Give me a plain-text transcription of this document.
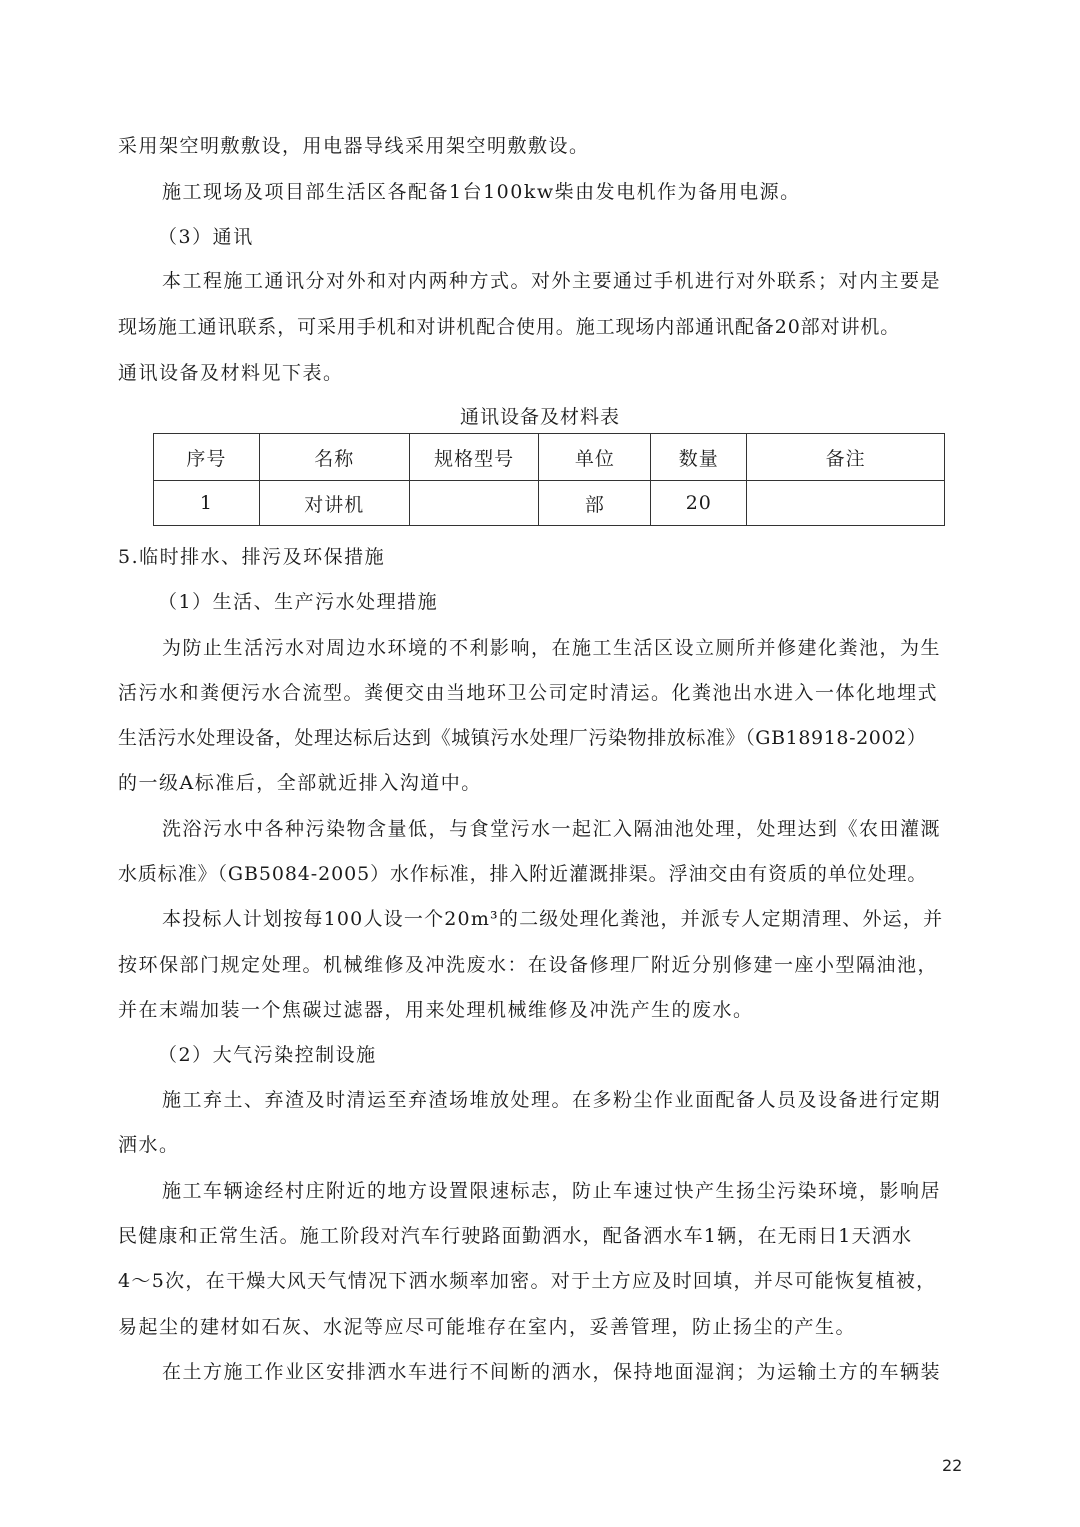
采用架空明敷敷设，用电器导线采用架空明敷敷设。
施工现场及项目部生活区各配备1台100kw柴由发电机作为备用电源。
（3）通讯
本工程施工通讯分对外和对内两种方式。对外主要通过手机进行对外联系；对内主要是
现场施工通讯联系，可采用手机和对讲机配合使用。施工现场内部通讯配备20部对讲机。
通讯设备及材料见下表。
通讯设备及材料表
序号	名称	规格型号	单位	数量	备注
1	对讲机		部	20	
5.临时排水、排污及环保措施
（1）生活、生产污水处理措施
为防止生活污水对周边水环境的不利影响，在施工生活区设立厕所并修建化粪池，为生
活污水和粪便污水合流型。粪便交由当地环卫公司定时清运。化粪池出水进入一体化地埋式
生活污水处理设备，处理达标后达到《城镇污水处理厂污染物排放标准》（GB18918-2002）
的一级A标准后，全部就近排入沟道中。
洗浴污水中各种污染物含量低，与食堂污水一起汇入隔油池处理，处理达到《农田灌溉
水质标准》（GB5084-2005）水作标准，排入附近灌溉排渠。浮油交由有资质的单位处理。
本投标人计划按每100人设一个20m³的二级处理化粪池，并派专人定期清理、外运，并
按环保部门规定处理。机械维修及冲洗废水：在设备修理厂附近分别修建一座小型隔油池，
并在末端加装一个焦碳过滤器，用来处理机械维修及冲洗产生的废水。
（2）大气污染控制设施
施工弃土、弃渣及时清运至弃渣场堆放处理。在多粉尘作业面配备人员及设备进行定期
洒水。
施工车辆途经村庄附近的地方设置限速标志，防止车速过快产生扬尘污染环境，影响居
民健康和正常生活。施工阶段对汽车行驶路面勤洒水，配备洒水车1辆，在无雨日1天洒水
4～5次，在干燥大风天气情况下洒水频率加密。对于土方应及时回填，并尽可能恢复植被，
易起尘的建材如石灰、水泥等应尽可能堆存在室内，妥善管理，防止扬尘的产生。
在土方施工作业区安排洒水车进行不间断的洒水，保持地面湿润；为运输土方的车辆装
22
